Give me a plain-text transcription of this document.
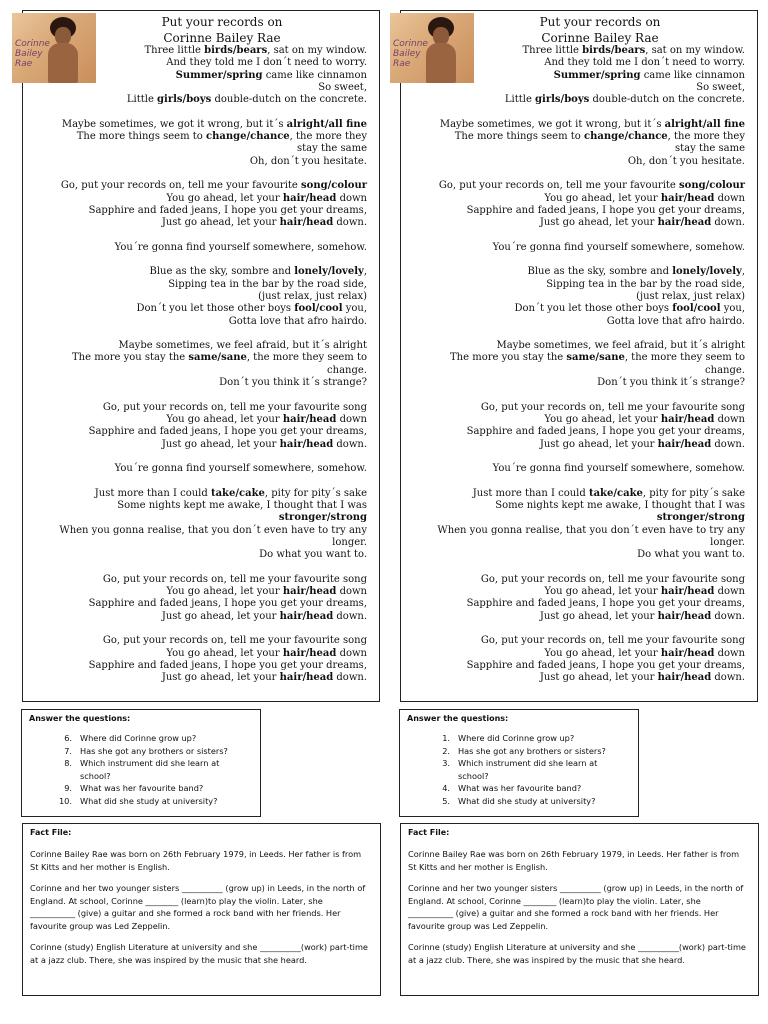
Corinne Bailey Rae
Put your records on
Corinne Bailey Rae
Three little birds/bears, sat on my window.
And they told me I don´t need to worry.
Summer/spring came like cinnamon
So sweet,
Little girls/boys double-dutch on the concrete.
Maybe sometimes, we got it wrong, but it´s alright/all fine
The more things seem to change/chance, the more they
stay the same
Oh, don´t you hesitate.
Go, put your records on, tell me your favourite song/colour
You go ahead, let your hair/head down
Sapphire and faded jeans, I hope you get your dreams,
Just go ahead, let your hair/head down.
You´re gonna find yourself somewhere, somehow.
Blue as the sky, sombre and lonely/lovely,
Sipping tea in the bar by the road side,
(just relax, just relax)
Don´t you let those other boys fool/cool you,
Gotta love that afro hairdo.
Maybe sometimes, we feel afraid, but it´s alright
The more you stay the same/sane, the more they seem to
change.
Don´t you think it´s strange?
Go, put your records on, tell me your favourite song
You go ahead, let your hair/head down
Sapphire and faded jeans, I hope you get your dreams,
Just go ahead, let your hair/head down.
You´re gonna find yourself somewhere, somehow.
Just more than I could take/cake, pity for pity´s sake
Some nights kept me awake, I thought that I was
stronger/strong
When you gonna realise, that you don´t even have to try any
longer.
Do what you want to.
Go, put your records on, tell me your favourite song
You go ahead, let your hair/head down
Sapphire and faded jeans, I hope you get your dreams,
Just go ahead, let your hair/head down.
Go, put your records on, tell me your favourite song
You go ahead, let your hair/head down
Sapphire and faded jeans, I hope you get your dreams,
Just go ahead, let your hair/head down.
Corinne Bailey Rae
Put your records on
Corinne Bailey Rae
Three little birds/bears, sat on my window.
And they told me I don´t need to worry.
Summer/spring came like cinnamon
So sweet,
Little girls/boys double-dutch on the concrete.
Maybe sometimes, we got it wrong, but it´s alright/all fine
The more things seem to change/chance, the more they
stay the same
Oh, don´t you hesitate.
Go, put your records on, tell me your favourite song/colour
You go ahead, let your hair/head down
Sapphire and faded jeans, I hope you get your dreams,
Just go ahead, let your hair/head down.
You´re gonna find yourself somewhere, somehow.
Blue as the sky, sombre and lonely/lovely,
Sipping tea in the bar by the road side,
(just relax, just relax)
Don´t you let those other boys fool/cool you,
Gotta love that afro hairdo.
Maybe sometimes, we feel afraid, but it´s alright
The more you stay the same/sane, the more they seem to
change.
Don´t you think it´s strange?
Go, put your records on, tell me your favourite song
You go ahead, let your hair/head down
Sapphire and faded jeans, I hope you get your dreams,
Just go ahead, let your hair/head down.
You´re gonna find yourself somewhere, somehow.
Just more than I could take/cake, pity for pity´s sake
Some nights kept me awake, I thought that I was
stronger/strong
When you gonna realise, that you don´t even have to try any
longer.
Do what you want to.
Go, put your records on, tell me your favourite song
You go ahead, let your hair/head down
Sapphire and faded jeans, I hope you get your dreams,
Just go ahead, let your hair/head down.
Go, put your records on, tell me your favourite song
You go ahead, let your hair/head down
Sapphire and faded jeans, I hope you get your dreams,
Just go ahead, let your hair/head down.
Answer the questions:
6. Where did Corinne grow up?
7. Has she got any brothers or sisters?
8. Which instrument did she learn at school?
9. What was her favourite band?
10. What did she study at university?
Answer the questions:
1. Where did Corinne grow up?
2. Has she got any brothers or sisters?
3. Which instrument did she learn at school?
4. What was her favourite band?
5. What did she study at university?
Fact File:

Corinne Bailey Rae was born on 26th February 1979, in Leeds. Her father is from St Kitts and her mother is English.

Corinne and her two younger sisters __________ (grow up) in Leeds, in the north of England. At school, Corinne ________ (learn)to play the violin. Later, she ___________ (give) a guitar and she formed a rock band with her friends. Her favourite group was Led Zeppelin.

Corinne (study) English Literature at university and she __________(work) part-time at a jazz club. There, she was inspired by the music that she heard.

Fact File:

Corinne Bailey Rae was born on 26th February 1979, in Leeds. Her father is from St Kitts and her mother is English.

Corinne and her two younger sisters __________ (grow up) in Leeds, in the north of England. At school, Corinne ________ (learn)to play the violin. Later, she ___________ (give) a guitar and she formed a rock band with her friends. Her favourite group was Led Zeppelin.

Corinne (study) English Literature at university and she __________(work) part-time at a jazz club. There, she was inspired by the music that she heard.
